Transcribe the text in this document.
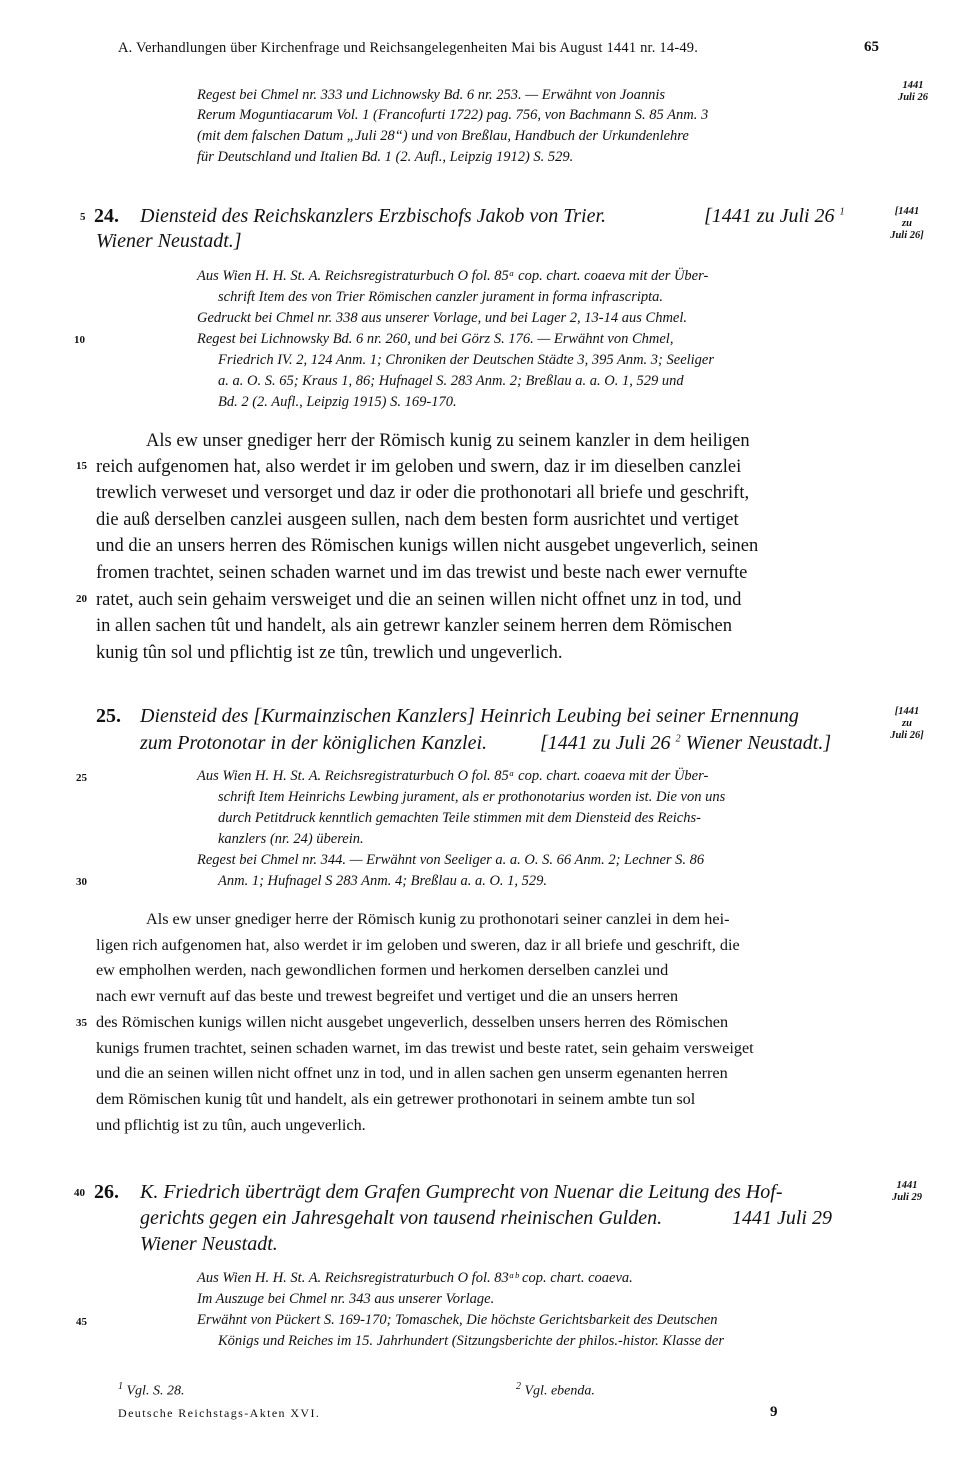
A. Verhandlungen über Kirchenfrage und Reichsangelegenheiten Mai bis August 1441 nr. 14-49.	65
Regest bei Chmel nr. 333 und Lichnowsky Bd. 6 nr. 253. — Erwähnt von Joannis
Rerum Moguntiacarum Vol. 1 (Francofurti 1722) pag. 756, von Bachmann S. 85 Anm. 3
(mit dem falschen Datum „Juli 28“) und von Breßlau, Handbuch der Urkundenlehre
für Deutschland und Italien Bd. 1 (2. Aufl., Leipzig 1912) S. 529.
1441
Juli 26
5 24. Diensteid des Reichskanzlers Erzbischofs Jakob von Trier.	[1441 zu Juli 26 $^1$
Wiener Neustadt.]
[1441
zu
Juli 26]
Aus Wien H. H. St. A. Reichsregistraturbuch O fol. 85ᵃ cop. chart. coaeva mit der Über-
schrift Item des von Trier Römischen canzler jurament in forma infrascripta.
Gedruckt bei Chmel nr. 338 aus unserer Vorlage, und bei Lager 2, 13-14 aus Chmel.
10	Regest bei Lichnowsky Bd. 6 nr. 260, und bei Görz S. 176. — Erwähnt von Chmel,
Friedrich IV. 2, 124 Anm. 1; Chroniken der Deutschen Städte 3, 395 Anm. 3; Seeliger
a. a. O. S. 65; Kraus 1, 86; Hufnagel S. 283 Anm. 2; Breßlau a. a. O. 1, 529 und
Bd. 2 (2. Aufl., Leipzig 1915) S. 169-170.
Als ew unser gnediger herr der Römisch kunig zu seinem kanzler in dem heiligen
15 reich aufgenomen hat, also werdet ir im geloben und swern, daz ir im dieselben canzlei
trewlich verweset und versorget und daz ir oder die prothonotari all briefe und geschrift,
die auß derselben canzlei ausgeen sullen, nach dem besten form ausrichtet und vertiget
und die an unsers herren des Römischen kunigs willen nicht ausgebet ungeverlich, seinen
fromen trachtet, seinen schaden warnet und im das trewist und beste nach ewer vernufte
20 ratet, auch sein gehaim versweiget und die an seinen willen nicht offnet unz in tod, und
in allen sachen tût und handelt, als ain getrewr kanzler seinem herren dem Römischen
kunig tûn sol und pflichtig ist ze tûn, trewlich und ungeverlich.
25. Diensteid des [Kurmainzischen Kanzlers] Heinrich Leubing bei seiner Ernennung
zum Protonotar in der königlichen Kanzlei.	[1441 zu Juli 26 $^2$ Wiener Neustadt.]
[1441
zu
Juli 26]
25	Aus Wien H. H. St. A. Reichsregistraturbuch O fol. 85ᵃ cop. chart. coaeva mit der Über-
schrift Item Heinrichs Lewbing jurament, als er prothonotarius worden ist. Die von uns
durch Petitdruck kenntlich gemachten Teile stimmen mit dem Diensteid des Reichs-
kanzlers (nr. 24) überein.
Regest bei Chmel nr. 344. — Erwähnt von Seeliger a. a. O. S. 66 Anm. 2; Lechner S. 86
30	Anm. 1; Hufnagel S 283 Anm. 4; Breßlau a. a. O. 1, 529.
Als ew unser gnediger herre der Römisch kunig zu prothonotari seiner canzlei in dem hei-
ligen rich aufgenomen hat, also werdet ir im geloben und sweren, daz ir all briefe und geschrift, die
ew empholhen werden, nach gewondlichen formen und herkomen derselben canzlei und
nach ewr vernuft auf das beste und trewest begreifet und vertiget und die an unsers herren
35 des Römischen kunigs willen nicht ausgebet ungeverlich, desselben unsers herren des Römischen
kunigs frumen trachtet, seinen schaden warnet, im das trewist und beste ratet, sein gehaim versweiget
und die an seinen willen nicht offnet unz in tod, und in allen sachen gen unserm egenanten herren
dem Römischen kunig tût und handelt, als ein getrewer prothonotari in seinem ambte tun sol
und pflichtig ist zu tûn, auch ungeverlich.
40 26. K. Friedrich überträgt dem Grafen Gumprecht von Nuenar die Leitung des Hof-
gerichts gegen ein Jahresgehalt von tausend rheinischen Gulden.	1441 Juli 29
Wiener Neustadt.
1441
Juli 29
Aus Wien H. H. St. A. Reichsregistraturbuch O fol. 83ᵃᵇ cop. chart. coaeva.
Im Auszuge bei Chmel nr. 343 aus unserer Vorlage.
45	Erwähnt von Pückert S. 169-170; Tomaschek, Die höchste Gerichtsbarkeit des Deutschen
Königs und Reiches im 15. Jahrhundert (Sitzungsberichte der philos.-histor. Klasse der
$^1$ Vgl. S. 28.	$^2$ Vgl. ebenda.
Deutsche Reichstags-Akten XVI.	9
